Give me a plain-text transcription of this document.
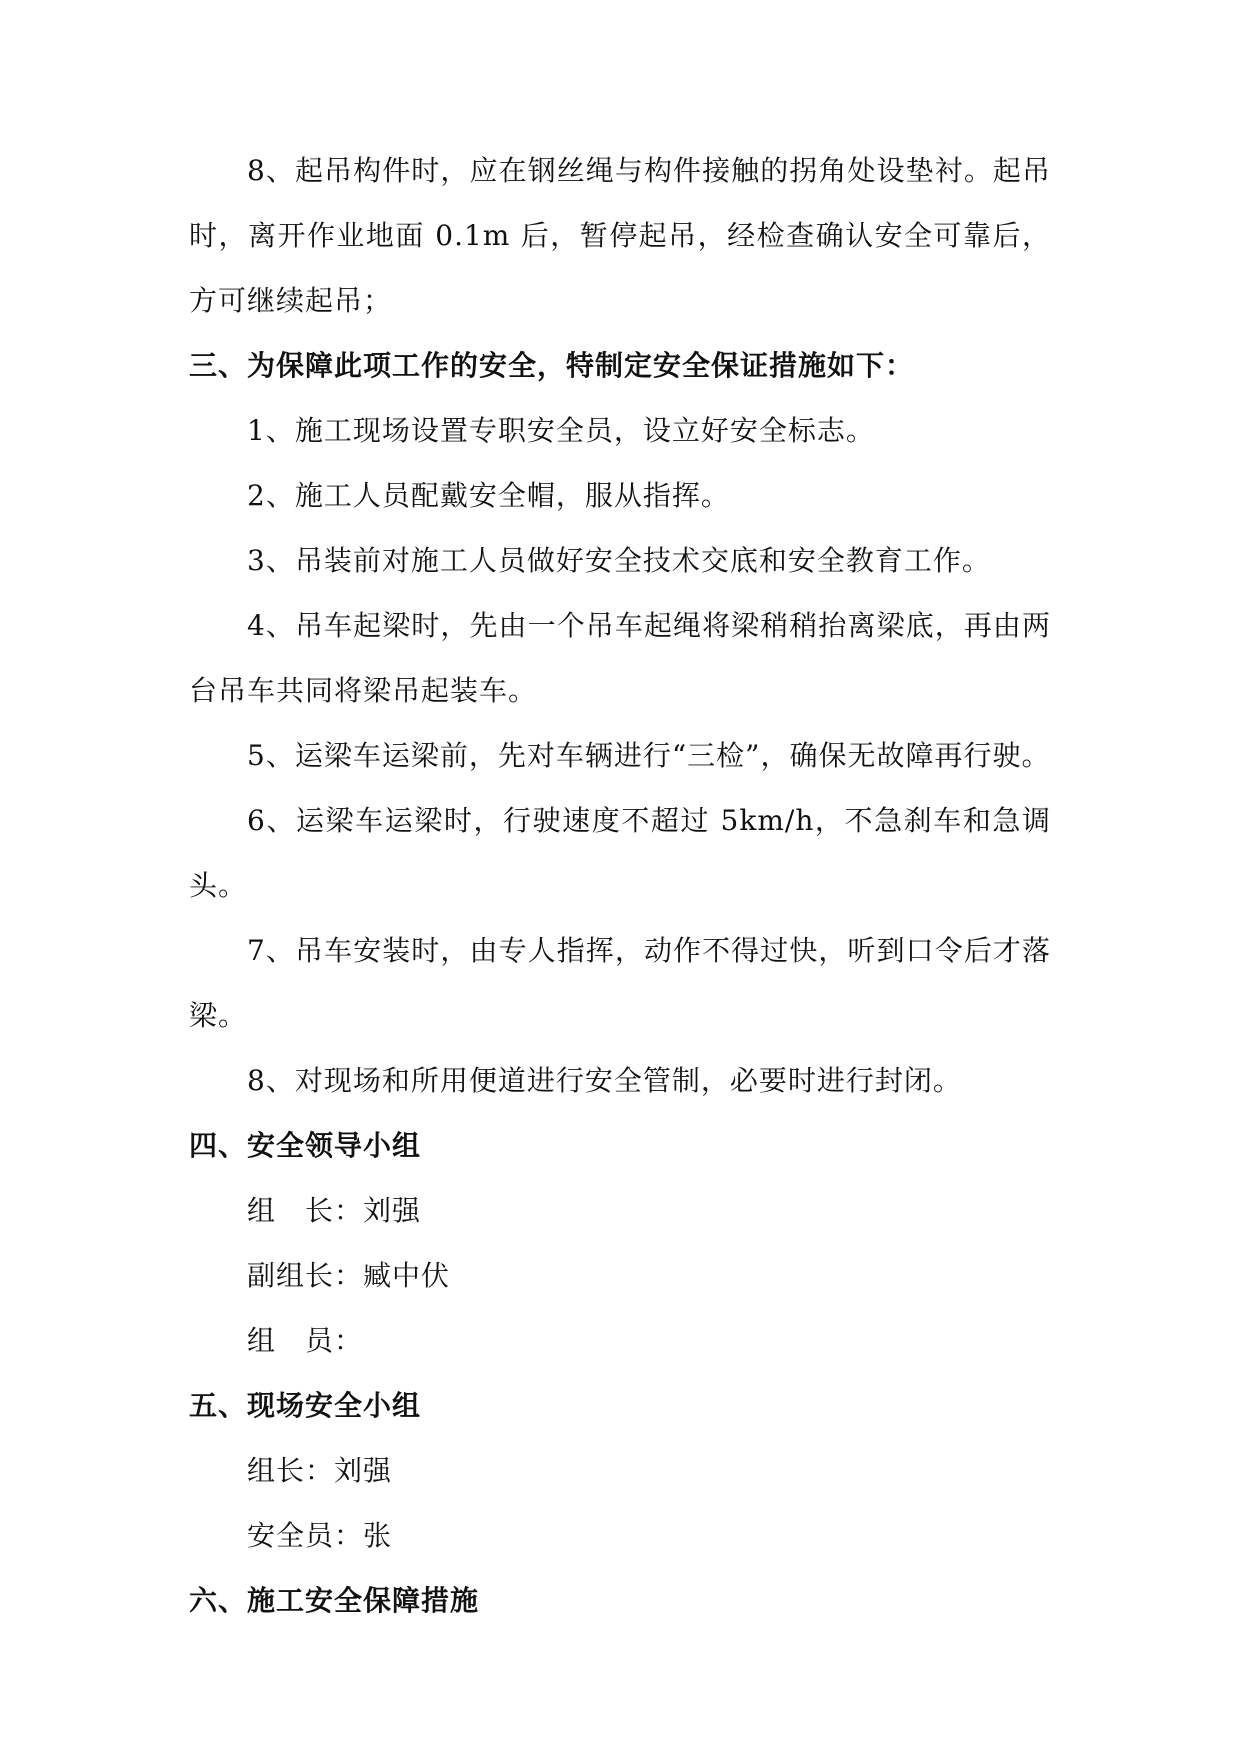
8、起吊构件时，应在钢丝绳与构件接触的拐角处设垫衬。起吊时，离开作业地面 0.1m 后，暂停起吊，经检查确认安全可靠后，方可继续起吊；

三、为保障此项工作的安全，特制定安全保证措施如下：

1、施工现场设置专职安全员，设立好安全标志。

2、施工人员配戴安全帽，服从指挥。

3、吊装前对施工人员做好安全技术交底和安全教育工作。

4、吊车起梁时，先由一个吊车起绳将梁稍稍抬离梁底，再由两台吊车共同将梁吊起装车。

5、运梁车运梁前，先对车辆进行“三检”，确保无故障再行驶。

6、运梁车运梁时，行驶速度不超过 5km/h，不急刹车和急调头。

7、吊车安装时，由专人指挥，动作不得过快，听到口令后才落梁。

8、对现场和所用便道进行安全管制，必要时进行封闭。

四、安全领导小组

组　长：刘强

副组长：臧中伏

组　员：

五、现场安全小组

组长：刘强

安全员：张

六、施工安全保障措施
